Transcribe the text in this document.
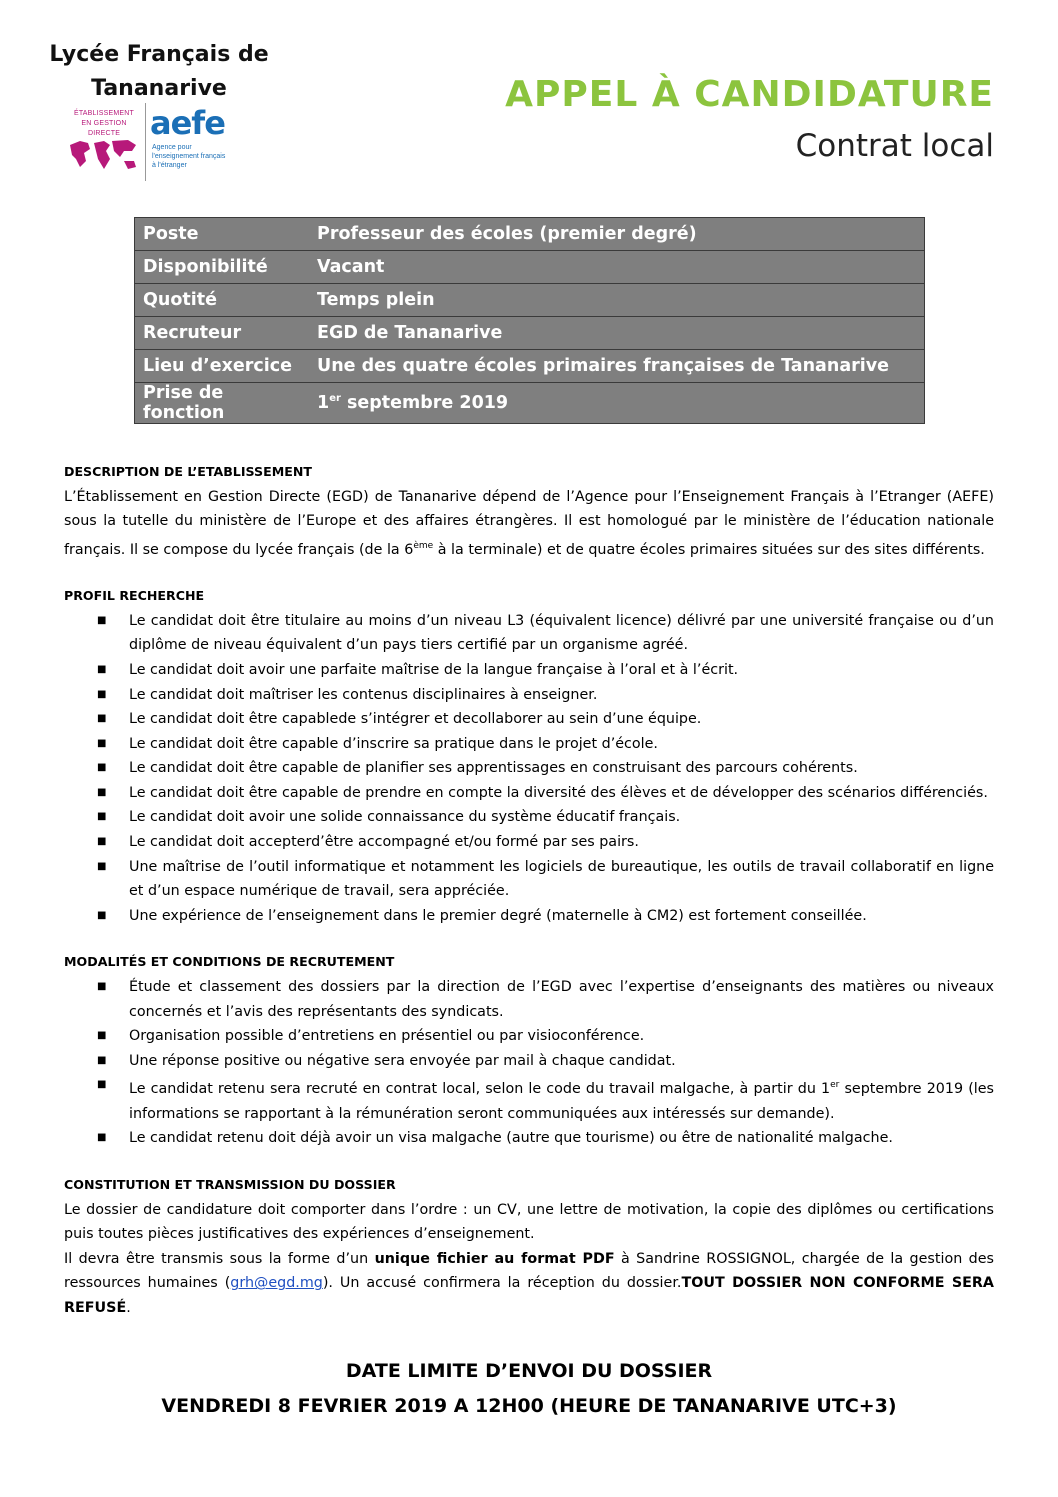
Lycée Français de
Tananarive
ÉTABLISSEMENT
EN GESTION DIRECTE aefe
Agence pour
l'enseignement français
à l'étranger
APPEL À CANDIDATURE
Contrat local
Poste	Professeur des écoles (premier degré)
Disponibilité	Vacant
Quotité	Temps plein
Recruteur	EGD de Tananarive
Lieu d’exercice	Une des quatre écoles primaires françaises de Tananarive
Prise de fonction	1er septembre 2019
DESCRIPTION DE L’ETABLISSEMENT

L’Établissement en Gestion Directe (EGD) de Tananarive dépend de l’Agence pour l’Enseignement Français à l’Etranger (AEFE) sous la tutelle du ministère de l’Europe et des affaires étrangères. Il est homologué par le ministère de l’éducation nationale français. Il se compose du lycée français (de la 6ème à la terminale) et de quatre écoles primaires situées sur des sites différents.

PROFIL RECHERCHE
■ Le candidat doit être titulaire au moins d’un niveau L3 (équivalent licence) délivré par une université française ou d’un diplôme de niveau équivalent d’un pays tiers certifié par un organisme agréé.
■ Le candidat doit avoir une parfaite maîtrise de la langue française à l’oral et à l’écrit.
■ Le candidat doit maîtriser les contenus disciplinaires à enseigner.
■ Le candidat doit être capablede s’intégrer et decollaborer au sein d’une équipe.
■ Le candidat doit être capable d’inscrire sa pratique dans le projet d’école.
■ Le candidat doit être capable de planifier ses apprentissages en construisant des parcours cohérents.
■ Le candidat doit être capable de prendre en compte la diversité des élèves et de développer des scénarios différenciés.
■ Le candidat doit avoir une solide connaissance du système éducatif français.
■ Le candidat doit accepterd’être accompagné et/ou formé par ses pairs.
■ Une maîtrise de l’outil informatique et notamment les logiciels de bureautique, les outils de travail collaboratif en ligne et d’un espace numérique de travail, sera appréciée.
■ Une expérience de l’enseignement dans le premier degré (maternelle à CM2) est fortement conseillée.
MODALITÉS ET CONDITIONS DE RECRUTEMENT
■ Étude et classement des dossiers par la direction de l’EGD avec l’expertise d’enseignants des matières ou niveaux concernés et l’avis des représentants des syndicats.
■ Organisation possible d’entretiens en présentiel ou par visioconférence.
■ Une réponse positive ou négative sera envoyée par mail à chaque candidat.
■ Le candidat retenu sera recruté en contrat local, selon le code du travail malgache, à partir du 1er septembre 2019 (les informations se rapportant à la rémunération seront communiquées aux intéressés sur demande).
■ Le candidat retenu doit déjà avoir un visa malgache (autre que tourisme) ou être de nationalité malgache.
CONSTITUTION ET TRANSMISSION DU DOSSIER

Le dossier de candidature doit comporter dans l’ordre : un CV, une lettre de motivation, la copie des diplômes ou certifications puis toutes pièces justificatives des expériences d’enseignement.

Il devra être transmis sous la forme d’un unique fichier au format PDF à Sandrine ROSSIGNOL, chargée de la gestion des ressources humaines (grh@egd.mg). Un accusé confirmera la réception du dossier.TOUT DOSSIER NON CONFORME SERA REFUSÉ.

DATE LIMITE D’ENVOI DU DOSSIER
VENDREDI 8 FEVRIER 2019 A 12H00 (HEURE DE TANANARIVE UTC+3)
